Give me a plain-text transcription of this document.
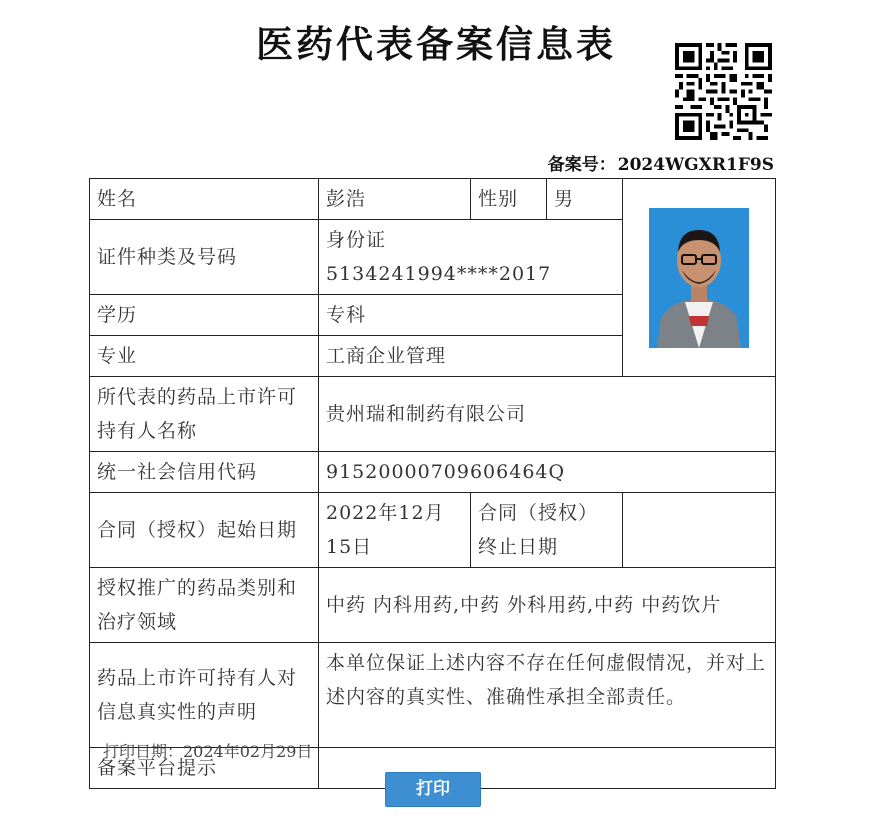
医药代表备案信息表
备案号： 2024WGXR1F9S
姓名	彭浩	性别	男	

证件种类及号码	身份证 5134241994****2017			
学历	专科			
专业	工商企业管理			
所代表的药品上市许可持有人名称	贵州瑞和制药有限公司			
统一社会信用代码	91520000709606464Q			
合同（授权）起始日期	2022年12月15日	合同（授权）终止日期		
授权推广的药品类别和治疗领域	中药 内科用药,中药 外科用药,中药 中药饮片			
药品上市许可持有人对信息真实性的声明	本单位保证上述内容不存在任何虚假情况，并对上述内容的真实性、准确性承担全部责任。			
备案平台提示				
打印日期：2024年02月29日
打印
